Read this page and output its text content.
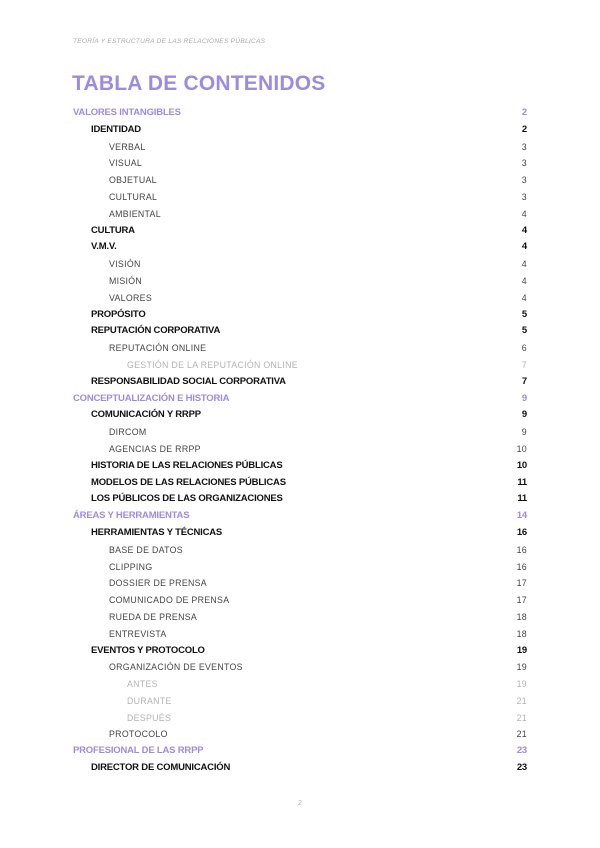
TEORÍA Y ESTRUCTURA DE LAS RELACIONES PÚBLICAS
TABLA DE CONTENIDOS
VALORES INTANGIBLES	2
IDENTIDAD	2
VERBAL	3
VISUAL	3
OBJETUAL	3
CULTURAL	3
AMBIENTAL	4
CULTURA	4
V.M.V.	4
VISIÓN	4
MISIÓN	4
VALORES	4
PROPÓSITO	5
REPUTACIÓN CORPORATIVA	5
REPUTACIÓN ONLINE	6
GESTIÓN DE LA REPUTACIÓN ONLINE	7
RESPONSABILIDAD SOCIAL CORPORATIVA	7
CONCEPTUALIZACIÓN E HISTORIA	9
COMUNICACIÓN Y RRPP	9
DIRCOM	9
AGENCIAS DE RRPP	10
HISTORIA DE LAS RELACIONES PÚBLICAS	10
MODELOS DE LAS RELACIONES PÚBLICAS	11
LOS PÚBLICOS DE LAS ORGANIZACIONES	11
ÁREAS Y HERRAMIENTAS	14
HERRAMIENTAS Y TÉCNICAS	16
BASE DE DATOS	16
CLIPPING	16
DOSSIER DE PRENSA	17
COMUNICADO DE PRENSA	17
RUEDA DE PRENSA	18
ENTREVISTA	18
EVENTOS Y PROTOCOLO	19
ORGANIZACIÓN DE EVENTOS	19
ANTES	19
DURANTE	21
DESPUÉS	21
PROTOCOLO	21
PROFESIONAL DE LAS RRPP	23
DIRECTOR DE COMUNICACIÓN	23
2
